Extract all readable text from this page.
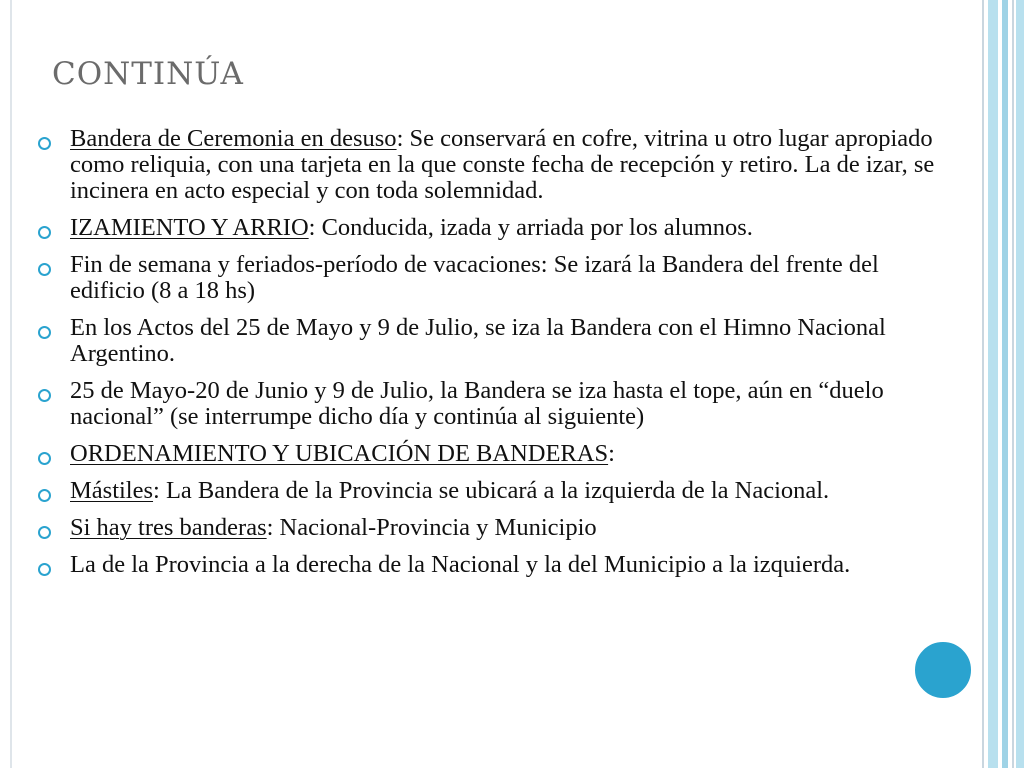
CONTINÚA
Bandera de Ceremonia en desuso: Se conservará en cofre, vitrina u otro lugar apropiado como reliquia, con una tarjeta en la que conste fecha de recepción y retiro. La de izar, se incinera en acto especial y con toda solemnidad.
IZAMIENTO Y ARRIO: Conducida, izada y arriada por los alumnos.
Fin de semana y feriados-período de vacaciones: Se izará la Bandera del frente del edificio (8 a 18 hs)
En los Actos del 25 de Mayo y 9 de Julio, se iza la Bandera con el Himno Nacional Argentino.
25 de Mayo-20 de Junio y 9 de Julio, la Bandera se iza hasta el tope, aún en “duelo nacional” (se interrumpe dicho día y continúa al siguiente)
ORDENAMIENTO Y UBICACIÓN DE BANDERAS:
Mástiles: La Bandera de la Provincia se ubicará a la izquierda de la Nacional.
Si hay tres banderas: Nacional-Provincia y Municipio
La de la Provincia a la derecha de la Nacional y la del Municipio a la izquierda.
